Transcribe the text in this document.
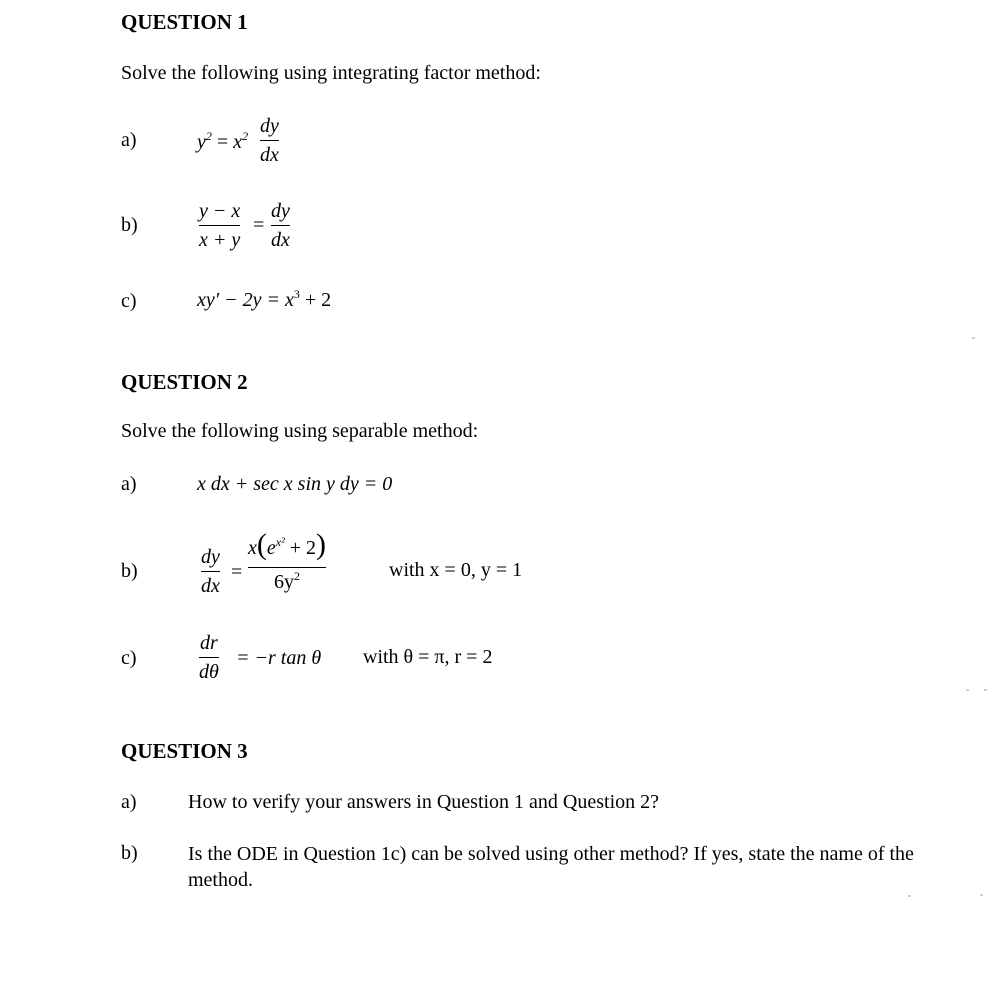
QUESTION 1
Solve the following using integrating factor method:
a)	$y^2 = x^2$ dy
dx
b)
y − x
x + y
=
dy
dx
c)	$xy' - 2y = x^3 + 2$
QUESTION 2
Solve the following using separable method:
a)	x dx + sec x sin y dy = 0
b)
dy
dx
=
$x(e^{x^2} + 2)$
$6y^2$	with x = 0, y = 1
c)
dr
dθ
= −r tan θ with θ = π, r = 2
QUESTION 3
a)	How to verify your answers in Question 1 and Question 2?
b)	Is the ODE in Question 1c) can be solved using other method? If yes, state the name of the method.
